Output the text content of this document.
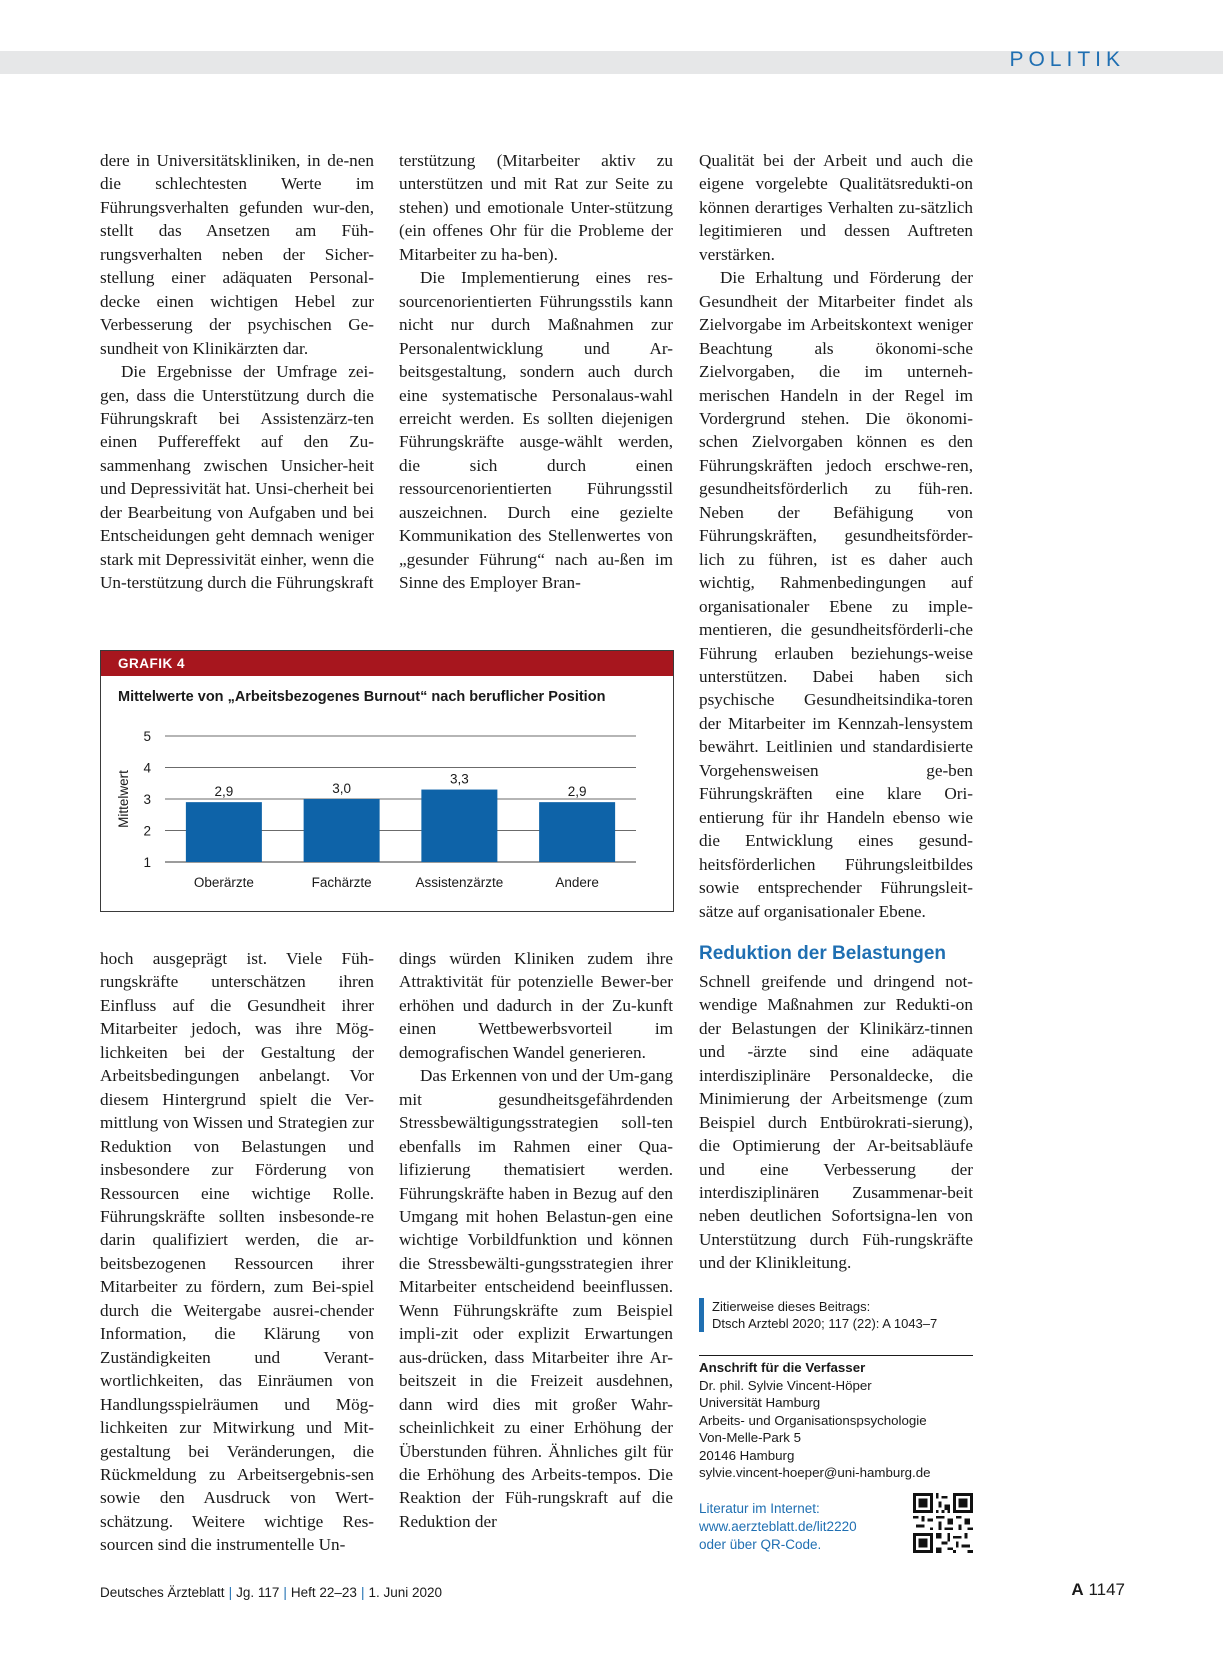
POLITIK

dere in Universitätskliniken, in de-nen die schlechtesten Werte im Führungsverhalten gefunden wur-den, stellt das Ansetzen am Füh-rungsverhalten neben der Sicher-stellung einer adäquaten Personal-decke einen wichtigen Hebel zur Verbesserung der psychischen Ge-sundheit von Klinikärzten dar.

Die Ergebnisse der Umfrage zei-gen, dass die Unterstützung durch die Führungskraft bei Assistenzärz-ten einen Puffereffekt auf den Zu-sammenhang zwischen Unsicher-heit und Depressivität hat. Unsi-cherheit bei der Bearbeitung von Aufgaben und bei Entscheidungen geht demnach weniger stark mit Depressivität einher, wenn die Un-terstützung durch die Führungskraft

terstützung (Mitarbeiter aktiv zu unterstützen und mit Rat zur Seite zu stehen) und emotionale Unter-stützung (ein offenes Ohr für die Probleme der Mitarbeiter zu ha-ben).

Die Implementierung eines res-sourcenorientierten Führungsstils kann nicht nur durch Maßnahmen zur Personalentwicklung und Ar-beitsgestaltung, sondern auch durch eine systematische Personalaus-wahl erreicht werden. Es sollten diejenigen Führungskräfte ausge-wählt werden, die sich durch einen ressourcenorientierten Führungsstil auszeichnen. Durch eine gezielte Kommunikation des Stellenwertes von „gesunder Führung“ nach au-ßen im Sinne des Employer Bran-

Qualität bei der Arbeit und auch die eigene vorgelebte Qualitätsredukti-on können derartiges Verhalten zu-sätzlich legitimieren und dessen Auftreten verstärken.

Die Erhaltung und Förderung der Gesundheit der Mitarbeiter findet als Zielvorgabe im Arbeitskontext weniger Beachtung als ökonomi-sche Zielvorgaben, die im unterneh-merischen Handeln in der Regel im Vordergrund stehen. Die ökonomi-schen Zielvorgaben können es den Führungskräften jedoch erschwe-ren, gesundheitsförderlich zu füh-ren. Neben der Befähigung von Führungskräften, gesundheitsförder-lich zu führen, ist es daher auch wichtig, Rahmenbedingungen auf organisationaler Ebene zu imple-mentieren, die gesundheitsförderli-che Führung erlauben beziehungs-weise unterstützen. Dabei haben sich psychische Gesundheitsindika-toren der Mitarbeiter im Kennzah-lensystem bewährt. Leitlinien und standardisierte Vorgehensweisen ge-ben Führungskräften eine klare Ori-entierung für ihr Handeln ebenso wie die Entwicklung eines gesund-heitsförderlichen Führungsleitbildes sowie entsprechender Führungsleit-sätze auf organisationaler Ebene.

Reduktion der Belastungen

Schnell greifende und dringend not-wendige Maßnahmen zur Redukti-on der Belastungen der Klinikärz-tinnen und -ärzte sind eine adäquate interdisziplinäre Personaldecke, die Minimierung der Arbeitsmenge (zum Beispiel durch Entbürokrati-sierung), die Optimierung der Ar-beitsabläufe und eine Verbesserung der interdisziplinären Zusammenar-beit neben deutlichen Sofortsigna-len von Unterstützung durch Füh-rungskräfte und der Klinikleitung.

GRAFIK 4
Mittelwerte von „Arbeitsbezogenes Burnout“ nach beruflicher Position
1
2
3
4
5
Mittelwert	2,9
Oberärzte
3,0
Fachärzte
3,3
Assistenzärzte
2,9
Andere

hoch ausgeprägt ist. Viele Füh-rungskräfte unterschätzen ihren Einfluss auf die Gesundheit ihrer Mitarbeiter jedoch, was ihre Mög-lichkeiten bei der Gestaltung der Arbeitsbedingungen anbelangt. Vor diesem Hintergrund spielt die Ver-mittlung von Wissen und Strategien zur Reduktion von Belastungen und insbesondere zur Förderung von Ressourcen eine wichtige Rolle. Führungskräfte sollten insbesonde-re darin qualifiziert werden, die ar-beitsbezogenen Ressourcen ihrer Mitarbeiter zu fördern, zum Bei-spiel durch die Weitergabe ausrei-chender Information, die Klärung von Zuständigkeiten und Verant-wortlichkeiten, das Einräumen von Handlungsspielräumen und Mög-lichkeiten zur Mitwirkung und Mit-gestaltung bei Veränderungen, die Rückmeldung zu Arbeitsergebnis-sen sowie den Ausdruck von Wert-schätzung. Weitere wichtige Res-sourcen sind die instrumentelle Un-

dings würden Kliniken zudem ihre Attraktivität für potenzielle Bewer-ber erhöhen und dadurch in der Zu-kunft einen Wettbewerbsvorteil im demografischen Wandel generieren.

Das Erkennen von und der Um-gang mit gesundheitsgefährdenden Stressbewältigungsstrategien soll-ten ebenfalls im Rahmen einer Qua-lifizierung thematisiert werden. Führungskräfte haben in Bezug auf den Umgang mit hohen Belastun-gen eine wichtige Vorbildfunktion und können die Stressbewälti-gungsstrategien ihrer Mitarbeiter entscheidend beeinflussen. Wenn Führungskräfte zum Beispiel impli-zit oder explizit Erwartungen aus-drücken, dass Mitarbeiter ihre Ar-beitszeit in die Freizeit ausdehnen, dann wird dies mit großer Wahr-scheinlichkeit zu einer Erhöhung der Überstunden führen. Ähnliches gilt für die Erhöhung des Arbeits-tempos. Die Reaktion der Füh-rungskraft auf die Reduktion der

Zitierweise dieses Beitrags:
Dtsch Arztebl 2020; 117 (22): A 1043–7
Anschrift für die Verfasser
Dr. phil. Sylvie Vincent-Höper
Universität Hamburg
Arbeits- und Organisationspsychologie
Von-Melle-Park 5
20146 Hamburg
sylvie.vincent-hoeper@uni-hamburg.de
Literatur im Internet:
www.aerzteblatt.de/lit2220
oder über QR-Code.
Deutsches Ärzteblatt | Jg. 117 | Heft 22–23 | 1. Juni 2020	A 1147
